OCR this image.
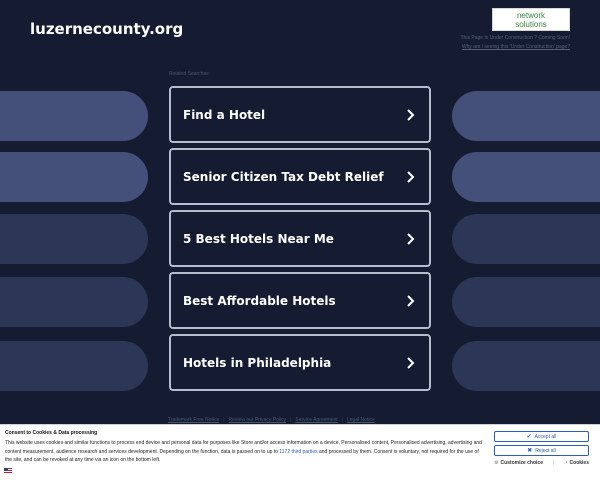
luzernecounty.org
network
solutions
This Page Is Under Construction ? Coming Soon!
Why am I seeing this 'Under Construction' page?
Related Searches:
Find a Hotel
Senior Citizen Tax Debt Relief
5 Best Hotels Near Me
Best Affordable Hotels
Hotels in Philadelphia
Trademark Free Notice | Review our Privacy Policy | Service Agreement | Legal Notice
Consent to Cookies & Data processing
This website uses cookies and similar functions to process end device and personal data for purposes like Store and/or access information on a device, Personalised content, Personalised advertising, advertising and content measurement, audience research and services development. Depending on the function, data is passed on to up to 1172 third parties and processed by them. Consent is voluntary, not required for the use of the site, and can be revoked at any time via an icon on the bottom left.
✔ Accept all
✖ Reject all
⚙ Customize choice | ◔ Cookies
